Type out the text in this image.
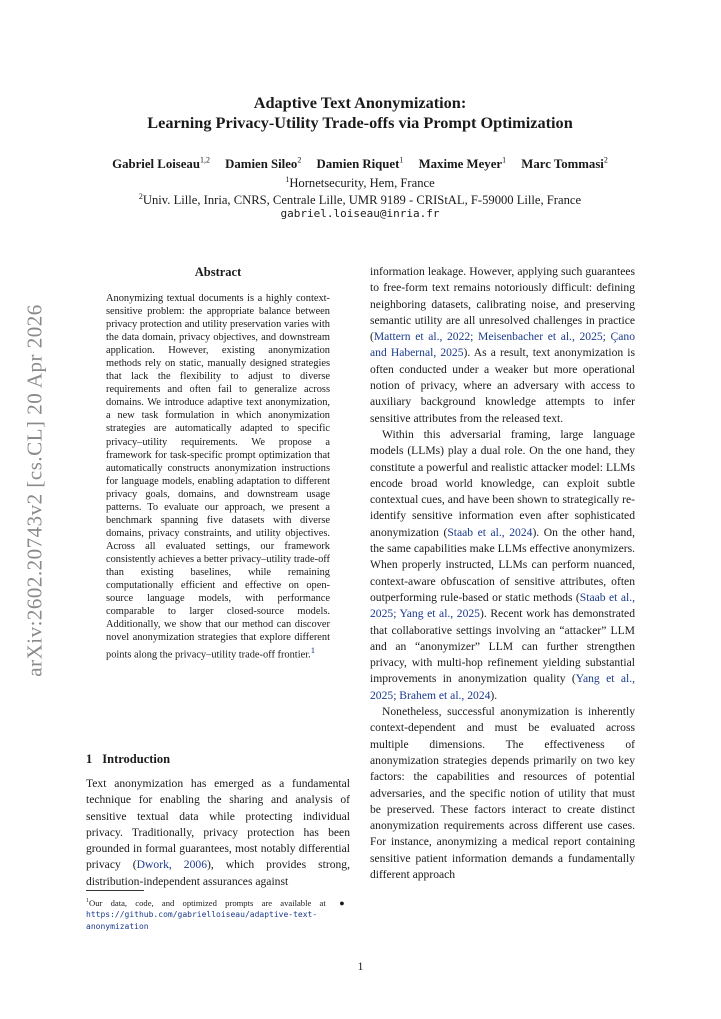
arXiv:2602.20743v2 [cs.CL] 20 Apr 2026
Adaptive Text Anonymization:
Learning Privacy-Utility Trade-offs via Prompt Optimization
Gabriel Loiseau$^{1,2}$ Damien Sileo$^2$ Damien Riquet$^1$ Maxime Meyer$^1$ Marc Tommasi$^2$
$^1$Hornetsecurity, Hem, France
$^2$Univ. Lille, Inria, CNRS, Centrale Lille, UMR 9189 - CRIStAL, F-59000 Lille, France
gabriel.loiseau@inria.fr
Abstract
Anonymizing textual documents is a highly context-sensitive problem: the appropriate balance between privacy protection and utility preservation varies with the data domain, privacy objectives, and downstream application. However, existing anonymization methods rely on static, manually designed strategies that lack the flexibility to adjust to diverse requirements and often fail to generalize across domains. We introduce adaptive text anonymization, a new task formulation in which anonymization strategies are automatically adapted to specific privacy–utility requirements. We propose a framework for task-specific prompt optimization that automatically constructs anonymization instructions for language models, enabling adaptation to different privacy goals, domains, and downstream usage patterns. To evaluate our approach, we present a benchmark spanning five datasets with diverse domains, privacy constraints, and utility objectives. Across all evaluated settings, our framework consistently achieves a better privacy–utility trade-off than existing baselines, while remaining computationally efficient and effective on open-source language models, with performance comparable to larger closed-source models. Additionally, we show that our method can discover novel anonymization strategies that explore different points along the privacy–utility trade-off frontier.$^1$
1 Introduction
Text anonymization has emerged as a fundamental technique for enabling the sharing and analysis of sensitive textual data while protecting individual privacy. Traditionally, privacy protection has been grounded in formal guarantees, most notably differential privacy (Dwork, 2006), which provides strong, distribution-independent assurances against
$^1$Our data, code, and optimized prompts are available at ● https://github.com/gabrielloiseau/adaptive-text-anonymization

information leakage. However, applying such guarantees to free-form text remains notoriously difficult: defining neighboring datasets, calibrating noise, and preserving semantic utility are all unresolved challenges in practice (Mattern et al., 2022; Meisenbacher et al., 2025; Çano and Habernal, 2025). As a result, text anonymization is often conducted under a weaker but more operational notion of privacy, where an adversary with access to auxiliary background knowledge attempts to infer sensitive attributes from the released text.

Within this adversarial framing, large language models (LLMs) play a dual role. On the one hand, they constitute a powerful and realistic attacker model: LLMs encode broad world knowledge, can exploit subtle contextual cues, and have been shown to strategically re-identify sensitive information even after sophisticated anonymization (Staab et al., 2024). On the other hand, the same capabilities make LLMs effective anonymizers. When properly instructed, LLMs can perform nuanced, context-aware obfuscation of sensitive attributes, often outperforming rule-based or static methods (Staab et al., 2025; Yang et al., 2025). Recent work has demonstrated that collaborative settings involving an “attacker” LLM and an “anonymizer” LLM can further strengthen privacy, with multi-hop refinement yielding substantial improvements in anonymization quality (Yang et al., 2025; Brahem et al., 2024).

Nonetheless, successful anonymization is inherently context-dependent and must be evaluated across multiple dimensions. The effectiveness of anonymization strategies depends primarily on two key factors: the capabilities and resources of potential adversaries, and the specific notion of utility that must be preserved. These factors interact to create distinct anonymization requirements across different use cases. For instance, anonymizing a medical report containing sensitive patient information demands a fundamentally different approach

1
